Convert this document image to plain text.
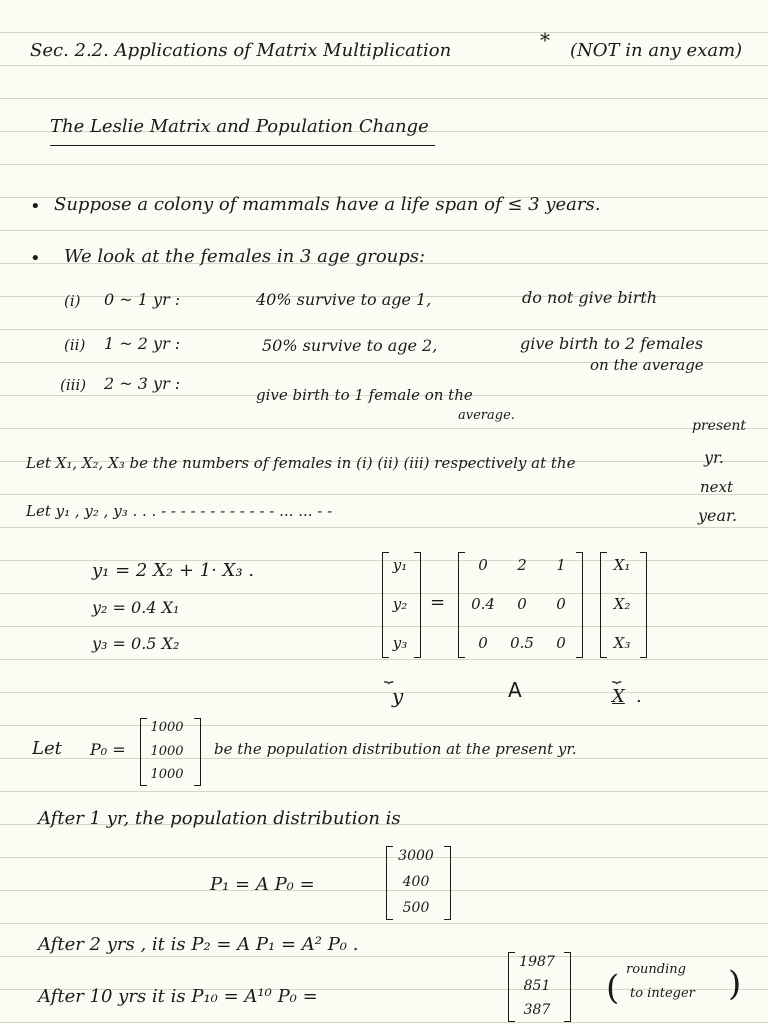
Sec. 2.2. Applications of Matrix Multiplication	* (NOT in any exam)
The Leslie Matrix and Population Change
• Suppose a colony of mammals have a life span of ≤ 3 years.
• We look at the females in 3 age groups:
(i) 0 ~ 1 yr :	40% survive to age 1,	do not give birth
(ii) 1 ~ 2 yr :	50% survive to age 2,	give birth to 2 females
on the average
(iii) 2 ~ 3 yr :
give birth to 1 female on the
average.
Let X₁, X₂, X₃ be the numbers of females in (i) (ii) (iii) respectively at the
present
yr.
Let y₁ , y₂ , y₃ . . . - - - - - - - - - - - - ... ... - -
next
year.
y₁ = 2 X₂ + 1· X₃ .
y₂ = 0.4 X₁
y₃ = 0.5 X₂
y₁
y₂
y₃
=
0	2	1
0.4	0	0
0	0.5	0
X₁
X₂
X₃
⏟	⏟
y	A	X .
Let P₀ =
1000
1000
1000
be the population distribution at the present yr.
After 1 yr, the population distribution is
P₁ = A P₀ =
3000
400
500
After 2 yrs , it is P₂ = A P₁ = A² P₀ .
After 10 yrs it is P₁₀ = A¹⁰ P₀ =
1987
851
387
( rounding
to integer )
